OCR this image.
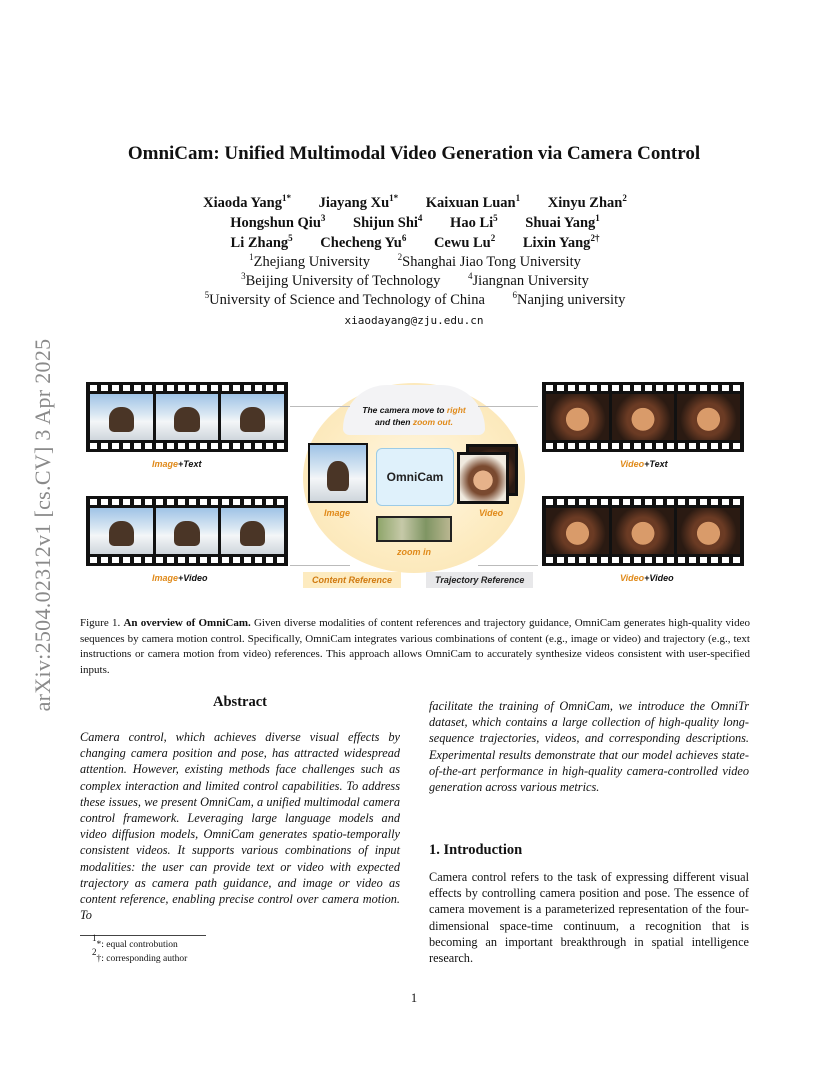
arXiv:2504.02312v1 [cs.CV] 3 Apr 2025
OmniCam: Unified Multimodal Video Generation via Camera Control
Xiaoda Yang$^{1*}$ Jiayang $Xu^{1*}$ Kaixuan Luan$^1$ Xinyu Zhan$^2$
Hongshun Qiu$^3$ Shijun Shi$^4$ Hao Li$^5$ Shuai Yang$^1$
Li Zhang$^5$ Checheng Yu$^6$ Cewu Lu$^2$ Lixin Yang$^{2\dagger}$
$^1$Zhejiang University	$^2$Shanghai Jiao Tong University
$^3$Beijing University of Technology	$^4$Jiangnan University
$^5$University of Science and Technology of China	$^6$Nanjing university
xiaodayang@zju.edu.cn
The camera move to right
and then zoom out.
Image+Text
Image+Video
Video+Text
Video+Video
Image
OmniCam
Video
zoom in
Content Reference	Trajectory Reference
Figure 1. An overview of OmniCam. Given diverse modalities of content references and trajectory guidance, OmniCam generates high-quality video sequences by camera motion control. Specifically, OmniCam integrates various combinations of content (e.g., image or video) and trajectory (e.g., text instructions or camera motion from video) references. This approach allows OmniCam to accurately synthesize videos consistent with user-specified inputs.
Abstract
Camera control, which achieves diverse visual effects by changing camera position and pose, has attracted widespread attention. However, existing methods face challenges such as complex interaction and limited control capabilities. To address these issues, we present OmniCam, a unified multimodal camera control framework. Leveraging large language models and video diffusion models, OmniCam generates spatio-temporally consistent videos. It supports various combinations of input modalities: the user can provide text or video with expected trajectory as camera path guidance, and image or video as content reference, enabling precise control over camera motion. To
facilitate the training of OmniCam, we introduce the OmniTr dataset, which contains a large collection of high-quality long-sequence trajectories, videos, and corresponding descriptions. Experimental results demonstrate that our model achieves state-of-the-art performance in high-quality camera-controlled video generation across various metrics.
1. Introduction
Camera control refers to the task of expressing different visual effects by controlling camera position and pose. The essence of camera movement is a parameterized representation of the four-dimensional space-time continuum, a recognition that is becoming an important breakthrough in spatial intelligence research.
$^1$*: equal controbution
$^2$†: corresponding author
1
